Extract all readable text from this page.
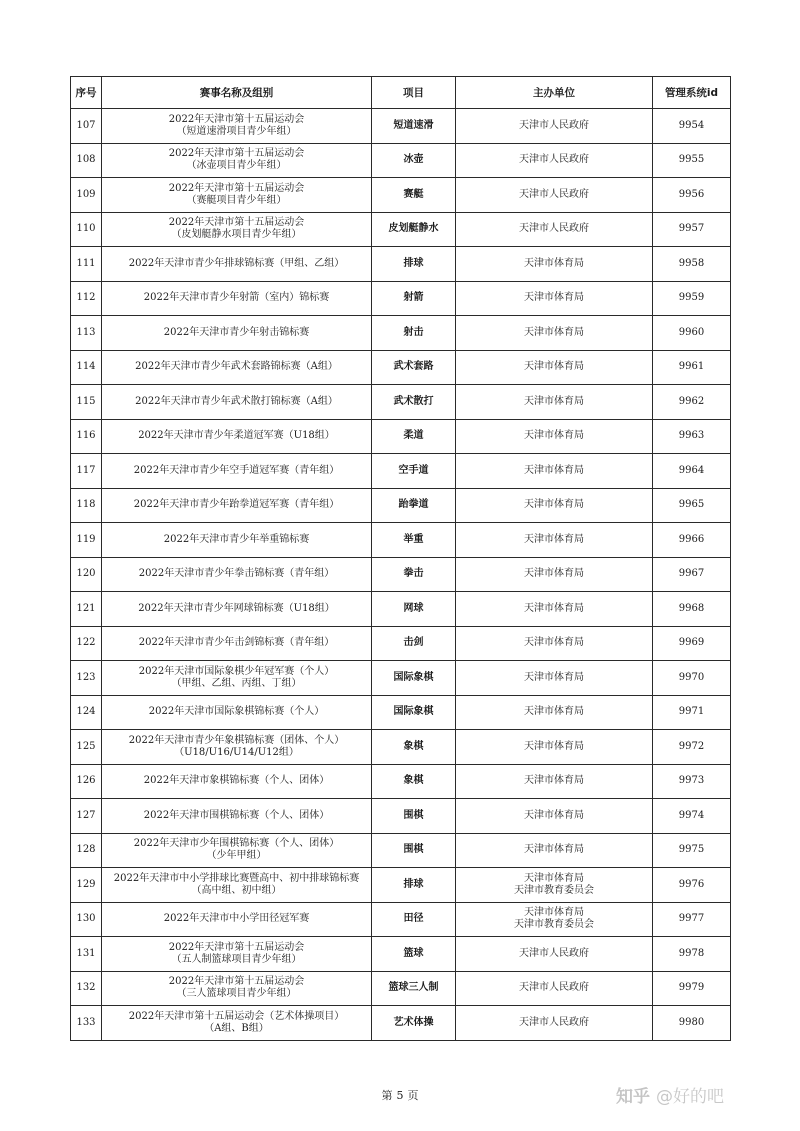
序号	赛事名称及组别	项目	主办单位	管理系统id
107	2022年天津市第十五届运动会
（短道速滑项目青少年组）	短道速滑	天津市人民政府	9954
108	2022年天津市第十五届运动会
（冰壶项目青少年组）	冰壶	天津市人民政府	9955
109	2022年天津市第十五届运动会
（赛艇项目青少年组）	赛艇	天津市人民政府	9956
110	2022年天津市第十五届运动会
（皮划艇静水项目青少年组）	皮划艇静水	天津市人民政府	9957
111	2022年天津市青少年排球锦标赛（甲组、乙组）	排球	天津市体育局	9958
112	2022年天津市青少年射箭（室内）锦标赛	射箭	天津市体育局	9959
113	2022年天津市青少年射击锦标赛	射击	天津市体育局	9960
114	2022年天津市青少年武术套路锦标赛（A组）	武术套路	天津市体育局	9961
115	2022年天津市青少年武术散打锦标赛（A组）	武术散打	天津市体育局	9962
116	2022年天津市青少年柔道冠军赛（U18组）	柔道	天津市体育局	9963
117	2022年天津市青少年空手道冠军赛（青年组）	空手道	天津市体育局	9964
118	2022年天津市青少年跆拳道冠军赛（青年组）	跆拳道	天津市体育局	9965
119	2022年天津市青少年举重锦标赛	举重	天津市体育局	9966
120	2022年天津市青少年拳击锦标赛（青年组）	拳击	天津市体育局	9967
121	2022年天津市青少年网球锦标赛（U18组）	网球	天津市体育局	9968
122	2022年天津市青少年击剑锦标赛（青年组）	击剑	天津市体育局	9969
123	2022年天津市国际象棋少年冠军赛（个人）
（甲组、乙组、丙组、丁组）	国际象棋	天津市体育局	9970
124	2022年天津市国际象棋锦标赛（个人）	国际象棋	天津市体育局	9971
125	2022年天津市青少年象棋锦标赛（团体、个人）
（U18/U16/U14/U12组）	象棋	天津市体育局	9972
126	2022年天津市象棋锦标赛（个人、团体）	象棋	天津市体育局	9973
127	2022年天津市围棋锦标赛（个人、团体）	围棋	天津市体育局	9974
128	2022年天津市少年围棋锦标赛（个人、团体）
（少年甲组）	围棋	天津市体育局	9975
129	2022年天津市中小学排球比赛暨高中、初中排球锦标赛
（高中组、初中组）	排球	天津市体育局
天津市教育委员会	9976
130	2022年天津市中小学田径冠军赛	田径	天津市体育局
天津市教育委员会	9977
131	2022年天津市第十五届运动会
（五人制篮球项目青少年组）	篮球	天津市人民政府	9978
132	2022年天津市第十五届运动会
（三人篮球项目青少年组）	篮球三人制	天津市人民政府	9979
133	2022年天津市第十五届运动会（艺术体操项目）
（A组、B组）	艺术体操	天津市人民政府	9980
第 5 页	知乎 @好的吧
